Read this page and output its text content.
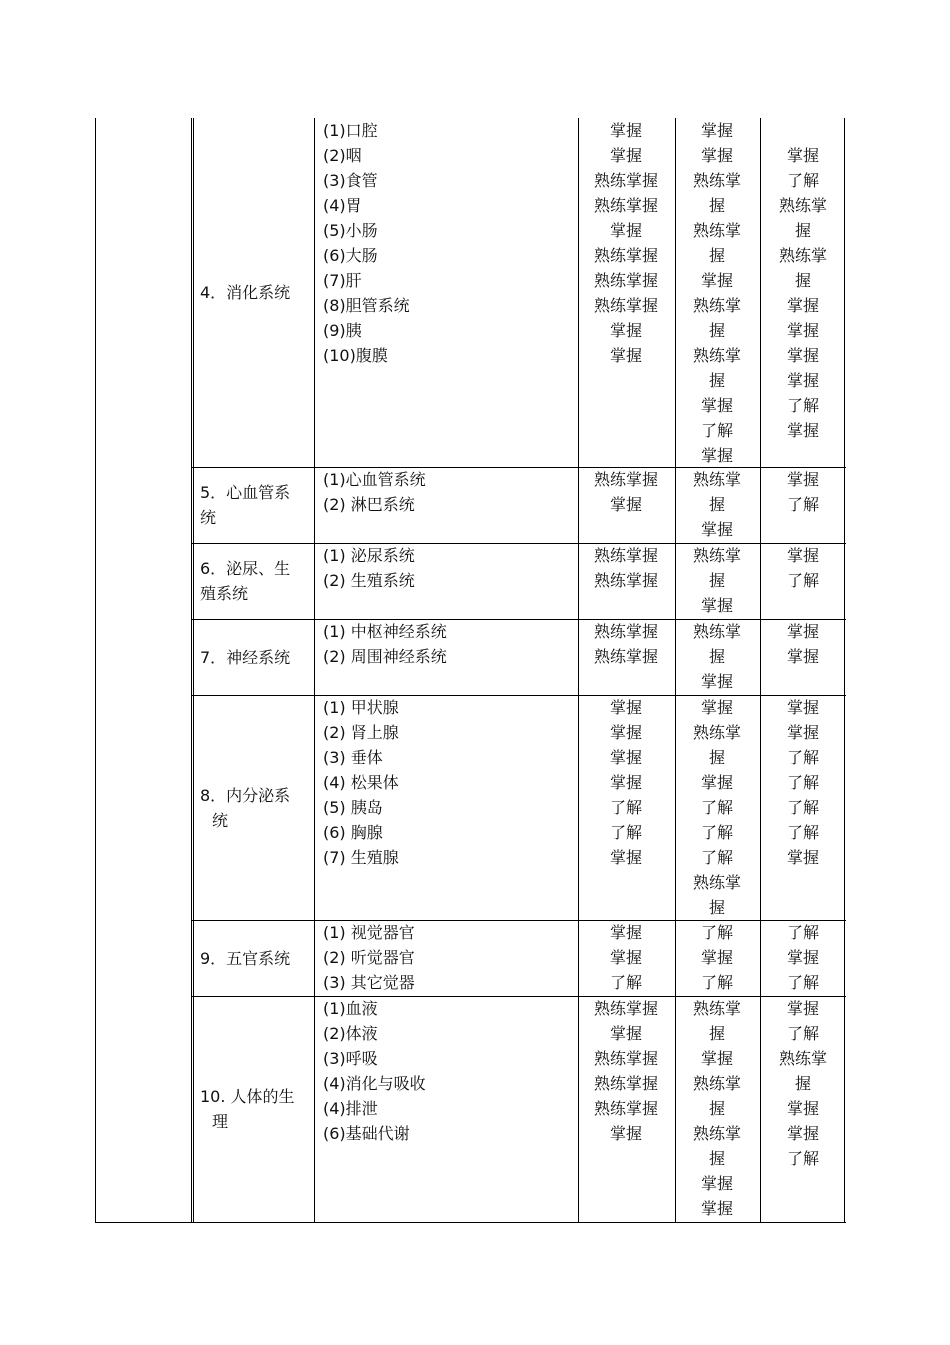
4．消化系统
(1)口腔
(2)咽
(3)食管
(4)胃
(5)小肠
(6)大肠
(7)肝
(8)胆管系统
(9)胰
(10)腹膜
掌握
掌握
熟练掌握
熟练掌握
掌握
熟练掌握
熟练掌握
熟练掌握
掌握
掌握
掌握
掌握
熟练掌
握
熟练掌
握
掌握
熟练掌
握
熟练掌
握
掌握
了解
掌握
掌握
了解
熟练掌
握
熟练掌
握
掌握
掌握
掌握
掌握
了解
掌握
5．心血管系
统
(1)心血管系统
(2) 淋巴系统
熟练掌握
掌握
熟练掌
握
掌握
掌握
了解
6．泌尿、生
殖系统
(1) 泌尿系统
(2) 生殖系统
熟练掌握
熟练掌握
熟练掌
握
掌握
掌握
了解
7．神经系统
(1) 中枢神经系统
(2) 周围神经系统
熟练掌握
熟练掌握
熟练掌
握
掌握
掌握
掌握
8．内分泌系
统
(1) 甲状腺
(2) 肾上腺
(3) 垂体
(4) 松果体
(5) 胰岛
(6) 胸腺
(7) 生殖腺
掌握
掌握
掌握
掌握
了解
了解
掌握
掌握
熟练掌
握
掌握
了解
了解
了解
熟练掌
握
掌握
掌握
了解
了解
了解
了解
掌握
9．五官系统
(1) 视觉器官
(2) 听觉器官
(3) 其它觉器
掌握
掌握
了解
了解
掌握
了解
了解
掌握
了解
10. 人体的生
理
(1)血液
(2)体液
(3)呼吸
(4)消化与吸收
(4)排泄
(6)基础代谢
熟练掌握
掌握
熟练掌握
熟练掌握
熟练掌握
掌握
熟练掌
握
掌握
熟练掌
握
熟练掌
握
掌握
掌握
掌握
了解
熟练掌
握
掌握
掌握
了解
